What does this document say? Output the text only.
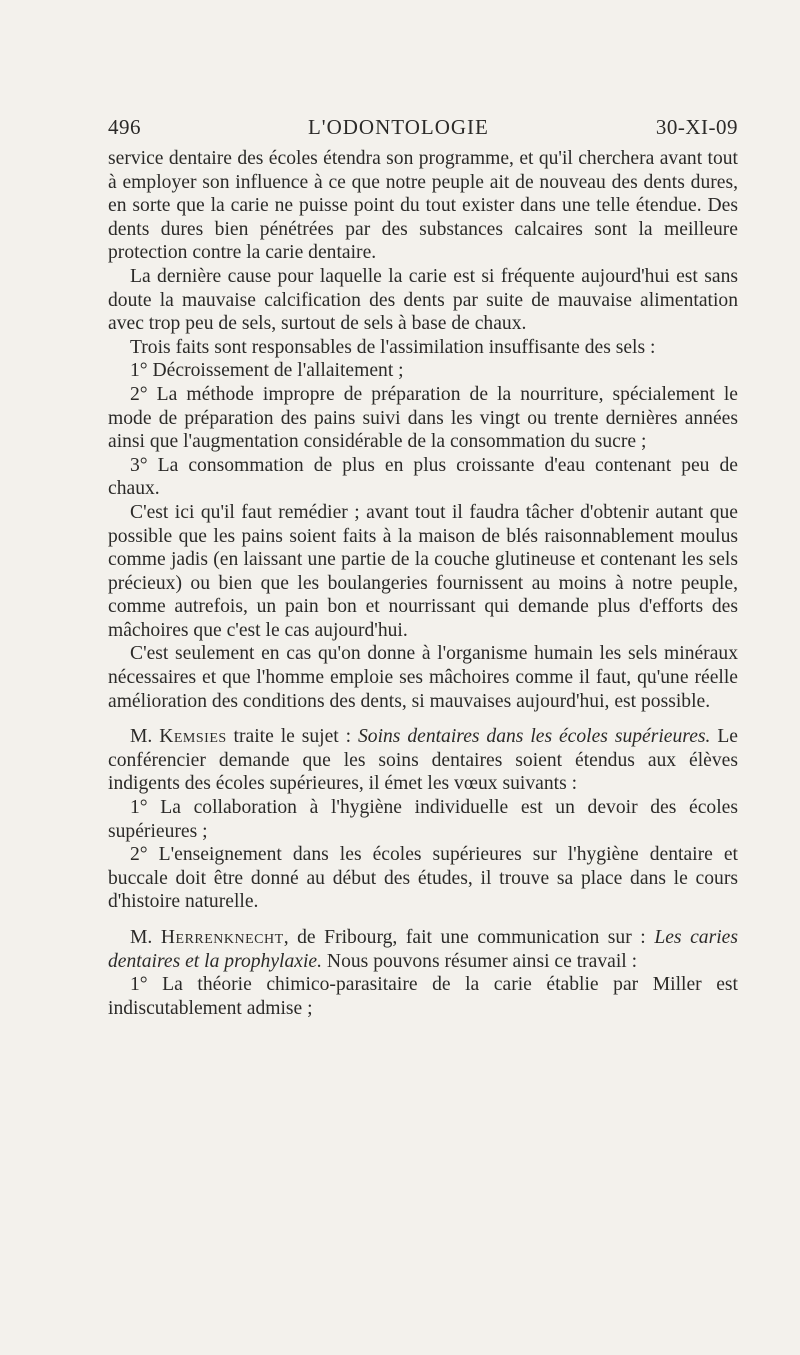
496	L'ODONTOLOGIE	30-XI-09

service dentaire des écoles étendra son programme, et qu'il cherchera avant tout à employer son influence à ce que notre peuple ait de nouveau des dents dures, en sorte que la carie ne puisse point du tout exister dans une telle étendue. Des dents dures bien pénétrées par des substances calcaires sont la meilleure protection contre la carie dentaire.

La dernière cause pour laquelle la carie est si fréquente aujourd'hui est sans doute la mauvaise calcification des dents par suite de mauvaise alimentation avec trop peu de sels, surtout de sels à base de chaux.

Trois faits sont responsables de l'assimilation insuffisante des sels :

1° Décroissement de l'allaitement ;

2° La méthode impropre de préparation de la nourriture, spécialement le mode de préparation des pains suivi dans les vingt ou trente dernières années ainsi que l'augmentation considérable de la consommation du sucre ;

3° La consommation de plus en plus croissante d'eau contenant peu de chaux.

C'est ici qu'il faut remédier ; avant tout il faudra tâcher d'obtenir autant que possible que les pains soient faits à la maison de blés raisonnablement moulus comme jadis (en laissant une partie de la couche glutineuse et contenant les sels précieux) ou bien que les boulangeries fournissent au moins à notre peuple, comme autrefois, un pain bon et nourrissant qui demande plus d'efforts des mâchoires que c'est le cas aujourd'hui.

C'est seulement en cas qu'on donne à l'organisme humain les sels minéraux nécessaires et que l'homme emploie ses mâchoires comme il faut, qu'une réelle amélioration des conditions des dents, si mauvaises aujourd'hui, est possible.

M. Kemsies traite le sujet : Soins dentaires dans les écoles supérieures. Le conférencier demande que les soins dentaires soient étendus aux élèves indigents des écoles supérieures, il émet les vœux suivants :

1° La collaboration à l'hygiène individuelle est un devoir des écoles supérieures ;

2° L'enseignement dans les écoles supérieures sur l'hygiène dentaire et buccale doit être donné au début des études, il trouve sa place dans le cours d'histoire naturelle.

M. Herrenknecht, de Fribourg, fait une communication sur : Les caries dentaires et la prophylaxie. Nous pouvons résumer ainsi ce travail :

1° La théorie chimico-parasitaire de la carie établie par Miller est indiscutablement admise ;
